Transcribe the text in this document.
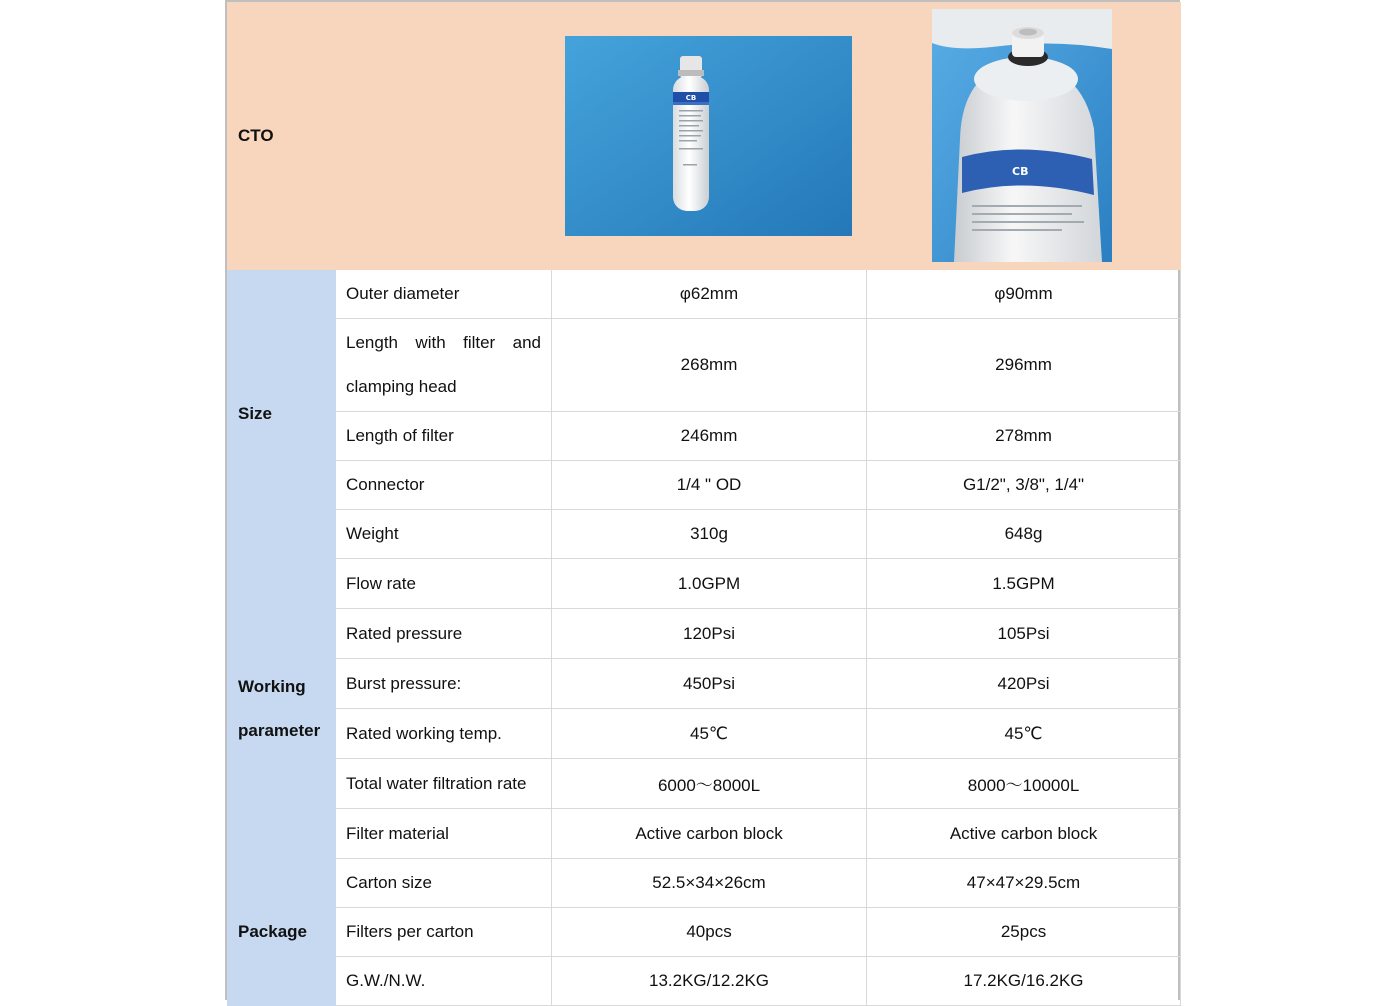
CTO			
Size	Outer diameter	φ62mm	φ90mm

	Length with filter and
clamping head	268mm	296mm
	Length of filter	246mm	278mm
	Connector	1/4 " OD	G1/2", 3/8", 1/4"
	Weight	310g	648g

Working
parameter	Flow rate	1.0GPM	1.5GPM
	Rated pressure	120Psi	105Psi
	Burst pressure:	450Psi	420Psi
	Rated working temp.	45℃	45℃
	Total water filtration rate	6000～8000L	8000～10000L
	Filter material	Active carbon block	Active carbon block
Package	Carton size	52.5×34×26cm	47×47×29.5cm
	Filters per carton	40pcs	25pcs
	G.W./N.W.	13.2KG/12.2KG	17.2KG/16.2KG
CB
CB
